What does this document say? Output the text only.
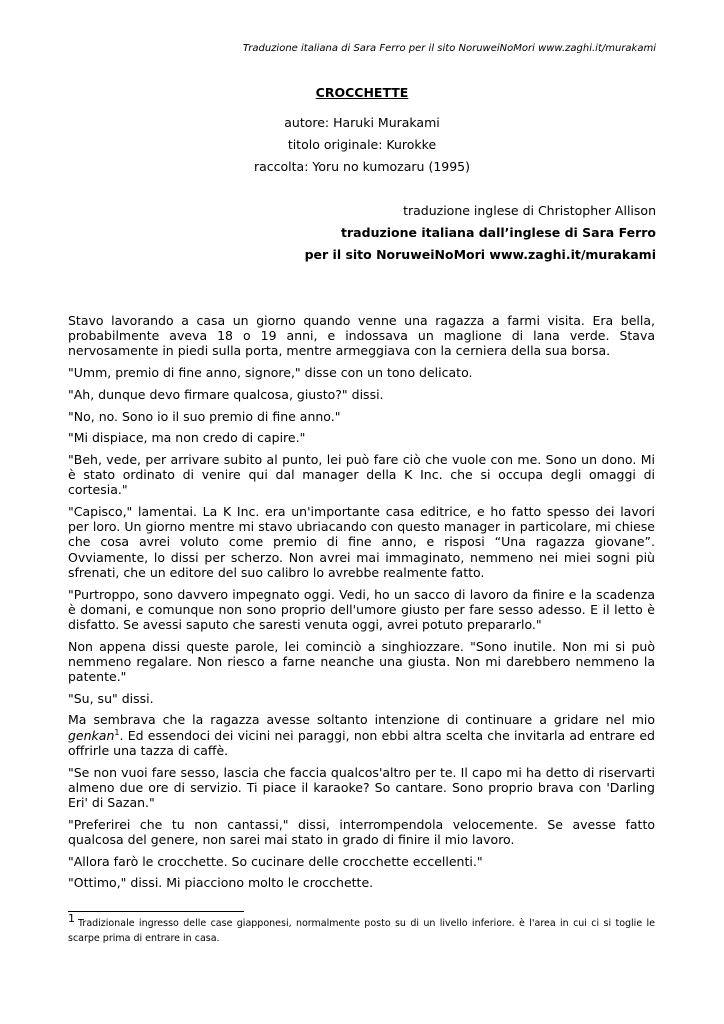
Traduzione italiana di Sara Ferro per il sito NoruweiNoMori www.zaghi.it/murakami
CROCCHETTE
autore: Haruki Murakami
titolo originale: Kurokke
raccolta: Yoru no kumozaru (1995)
traduzione inglese di Christopher Allison
traduzione italiana dall’inglese di Sara Ferro
per il sito NoruweiNoMori www.zaghi.it/murakami

Stavo lavorando a casa un giorno quando venne una ragazza a farmi visita. Era bella, probabilmente aveva 18 o 19 anni, e indossava un maglione di lana verde. Stava nervosamente in piedi sulla porta, mentre armeggiava con la cerniera della sua borsa.

"Umm, premio di fine anno, signore," disse con un tono delicato.

"Ah, dunque devo firmare qualcosa, giusto?" dissi.

"No, no. Sono io il suo premio di fine anno."

"Mi dispiace, ma non credo di capire."

"Beh, vede, per arrivare subito al punto, lei può fare ciò che vuole con me. Sono un dono. Mi è stato ordinato di venire qui dal manager della K Inc. che si occupa degli omaggi di cortesia."

"Capisco," lamentai. La K Inc. era un'importante casa editrice, e ho fatto spesso dei lavori per loro. Un giorno mentre mi stavo ubriacando con questo manager in particolare, mi chiese che cosa avrei voluto come premio di fine anno, e risposi “Una ragazza giovane”. Ovviamente, lo dissi per scherzo. Non avrei mai immaginato, nemmeno nei miei sogni più sfrenati, che un editore del suo calibro lo avrebbe realmente fatto.

"Purtroppo, sono davvero impegnato oggi. Vedi, ho un sacco di lavoro da finire e la scadenza è domani, e comunque non sono proprio dell'umore giusto per fare sesso adesso. E il letto è disfatto. Se avessi saputo che saresti venuta oggi, avrei potuto prepararlo."

Non appena dissi queste parole, lei cominciò a singhiozzare. "Sono inutile. Non mi si può nemmeno regalare. Non riesco a farne neanche una giusta. Non mi darebbero nemmeno la patente."

"Su, su" dissi.

Ma sembrava che la ragazza avesse soltanto intenzione di continuare a gridare nel mio genkan$^1$. Ed essendoci dei vicini nei paraggi, non ebbi altra scelta che invitarla ad entrare ed offrirle una tazza di caffè.

"Se non vuoi fare sesso, lascia che faccia qualcos'altro per te. Il capo mi ha detto di riservarti almeno due ore di servizio. Ti piace il karaoke? So cantare. Sono proprio brava con 'Darling Eri' di Sazan."

"Preferirei che tu non cantassi," dissi, interrompendola velocemente. Se avesse fatto qualcosa del genere, non sarei mai stato in grado di finire il mio lavoro.

"Allora farò le crocchette. So cucinare delle crocchette eccellenti."

"Ottimo," dissi. Mi piacciono molto le crocchette.

1 Tradizionale ingresso delle case giapponesi, normalmente posto su di un livello inferiore. è l'area in cui ci si toglie le scarpe prima di entrare in casa.
